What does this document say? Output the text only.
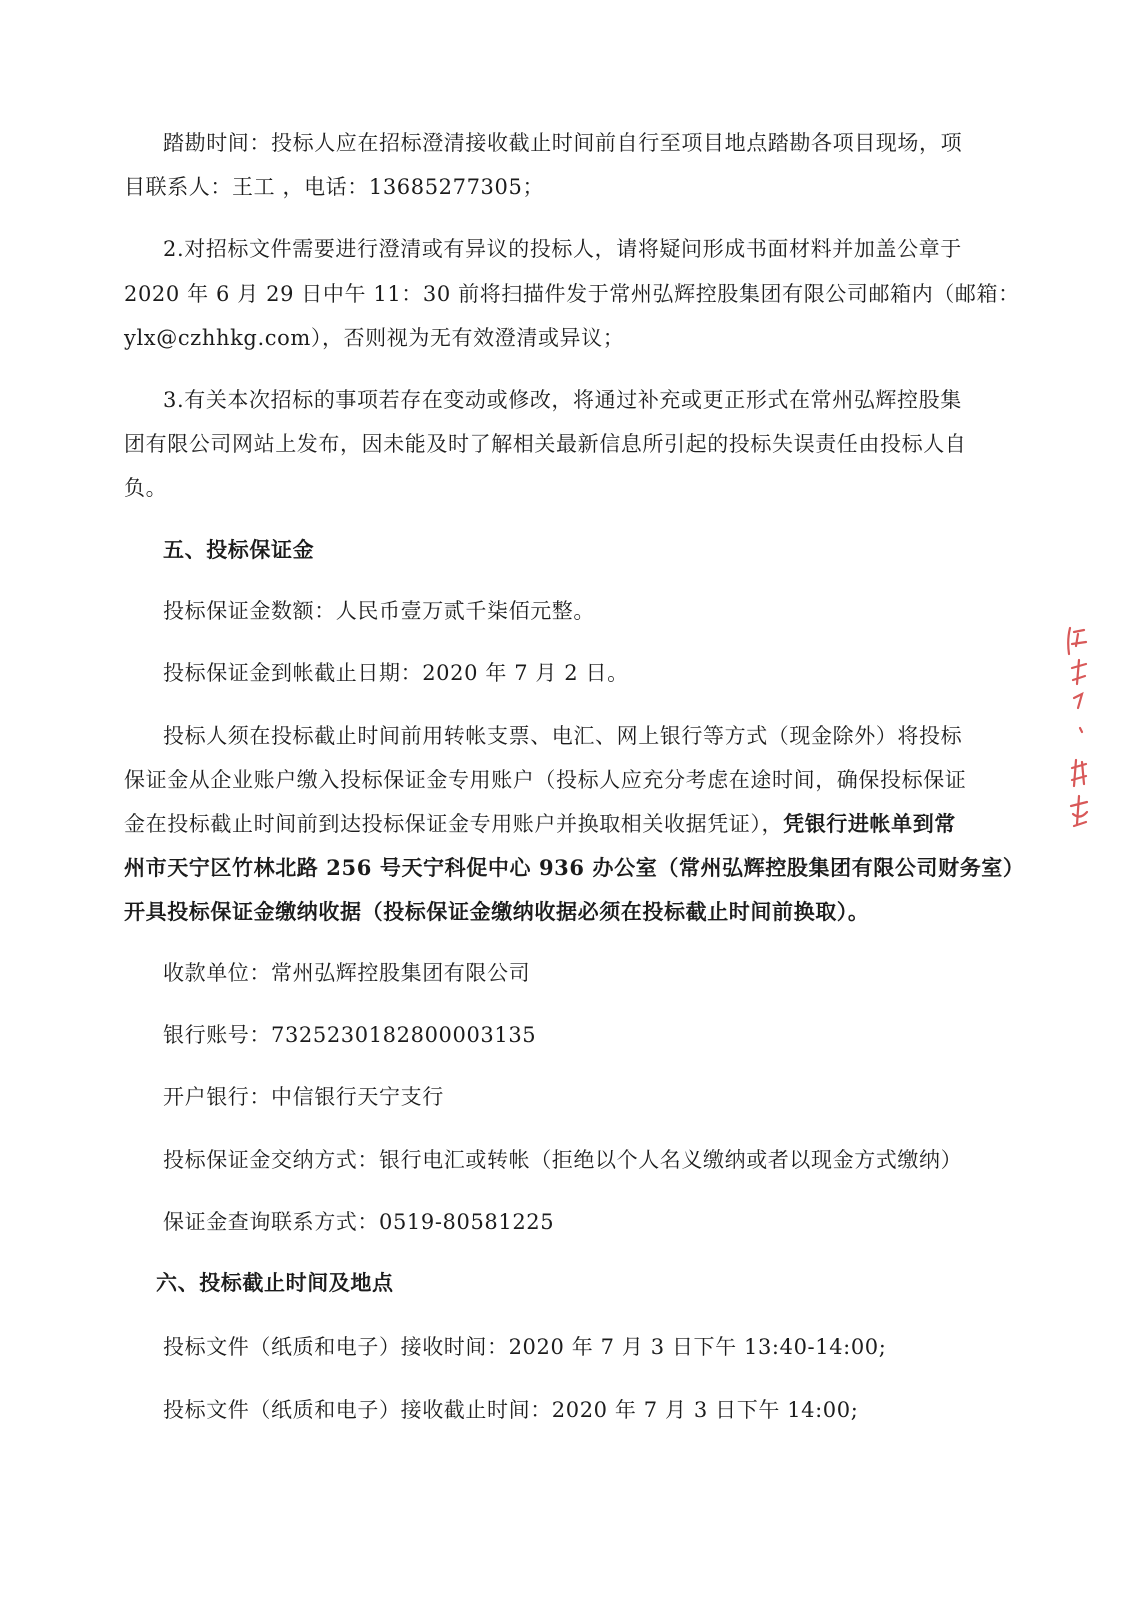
踏勘时间：投标人应在招标澄清接收截止时间前自行至项目地点踏勘各项目现场，项
目联系人：王工 ，电话：13685277305；
2.对招标文件需要进行澄清或有异议的投标人，请将疑问形成书面材料并加盖公章于
2020 年 6 月 29 日中午 11：30 前将扫描件发于常州弘辉控股集团有限公司邮箱内（邮箱：
ylx@czhhkg.com），否则视为无有效澄清或异议；
3.有关本次招标的事项若存在变动或修改，将通过补充或更正形式在常州弘辉控股集
团有限公司网站上发布，因未能及时了解相关最新信息所引起的投标失误责任由投标人自
负。
五、投标保证金
投标保证金数额：人民币壹万贰千柒佰元整。
投标保证金到帐截止日期：2020 年 7 月 2 日。
投标人须在投标截止时间前用转帐支票、电汇、网上银行等方式（现金除外）将投标
保证金从企业账户缴入投标保证金专用账户（投标人应充分考虑在途时间，确保投标保证
金在投标截止时间前到达投标保证金专用账户并换取相关收据凭证），凭银行进帐单到常
州市天宁区竹林北路 256 号天宁科促中心 936 办公室（常州弘辉控股集团有限公司财务室）
开具投标保证金缴纳收据（投标保证金缴纳收据必须在投标截止时间前换取）。
收款单位：常州弘辉控股集团有限公司
银行账号：7325230182800003135
开户银行：中信银行天宁支行
投标保证金交纳方式：银行电汇或转帐（拒绝以个人名义缴纳或者以现金方式缴纳）
保证金查询联系方式：0519-80581225
六、投标截止时间及地点
投标文件（纸质和电子）接收时间：2020 年 7 月 3 日下午 13:40-14:00;
投标文件（纸质和电子）接收截止时间：2020 年 7 月 3 日下午 14:00;
